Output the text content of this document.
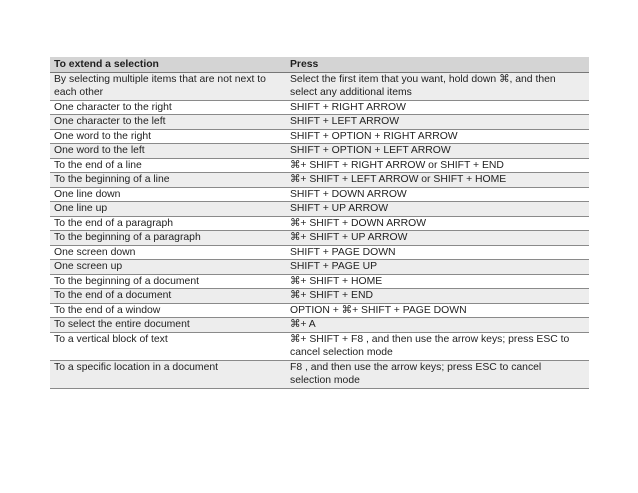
To extend a selection	Press
By selecting multiple items that are not next to each other	Select the first item that you want, hold down ⌘, and then select any additional items
One character to the right	SHIFT + RIGHT ARROW
One character to the left	SHIFT + LEFT ARROW
One word to the right	SHIFT + OPTION + RIGHT ARROW
One word to the left	SHIFT + OPTION + LEFT ARROW
To the end of a line	⌘+ SHIFT + RIGHT ARROW or SHIFT + END
To the beginning of a line	⌘+ SHIFT + LEFT ARROW or SHIFT + HOME
One line down	SHIFT + DOWN ARROW
One line up	SHIFT + UP ARROW
To the end of a paragraph	⌘+ SHIFT + DOWN ARROW
To the beginning of a paragraph	⌘+ SHIFT + UP ARROW
One screen down	SHIFT + PAGE DOWN
One screen up	SHIFT + PAGE UP
To the beginning of a document	⌘+ SHIFT + HOME
To the end of a document	⌘+ SHIFT + END
To the end of a window	OPTION + ⌘+ SHIFT + PAGE DOWN
To select the entire document	⌘+ A
To a vertical block of text	⌘+ SHIFT + F8 , and then use the arrow keys; press ESC to cancel selection mode
To a specific location in a document	F8 , and then use the arrow keys; press ESC to cancel selection mode
